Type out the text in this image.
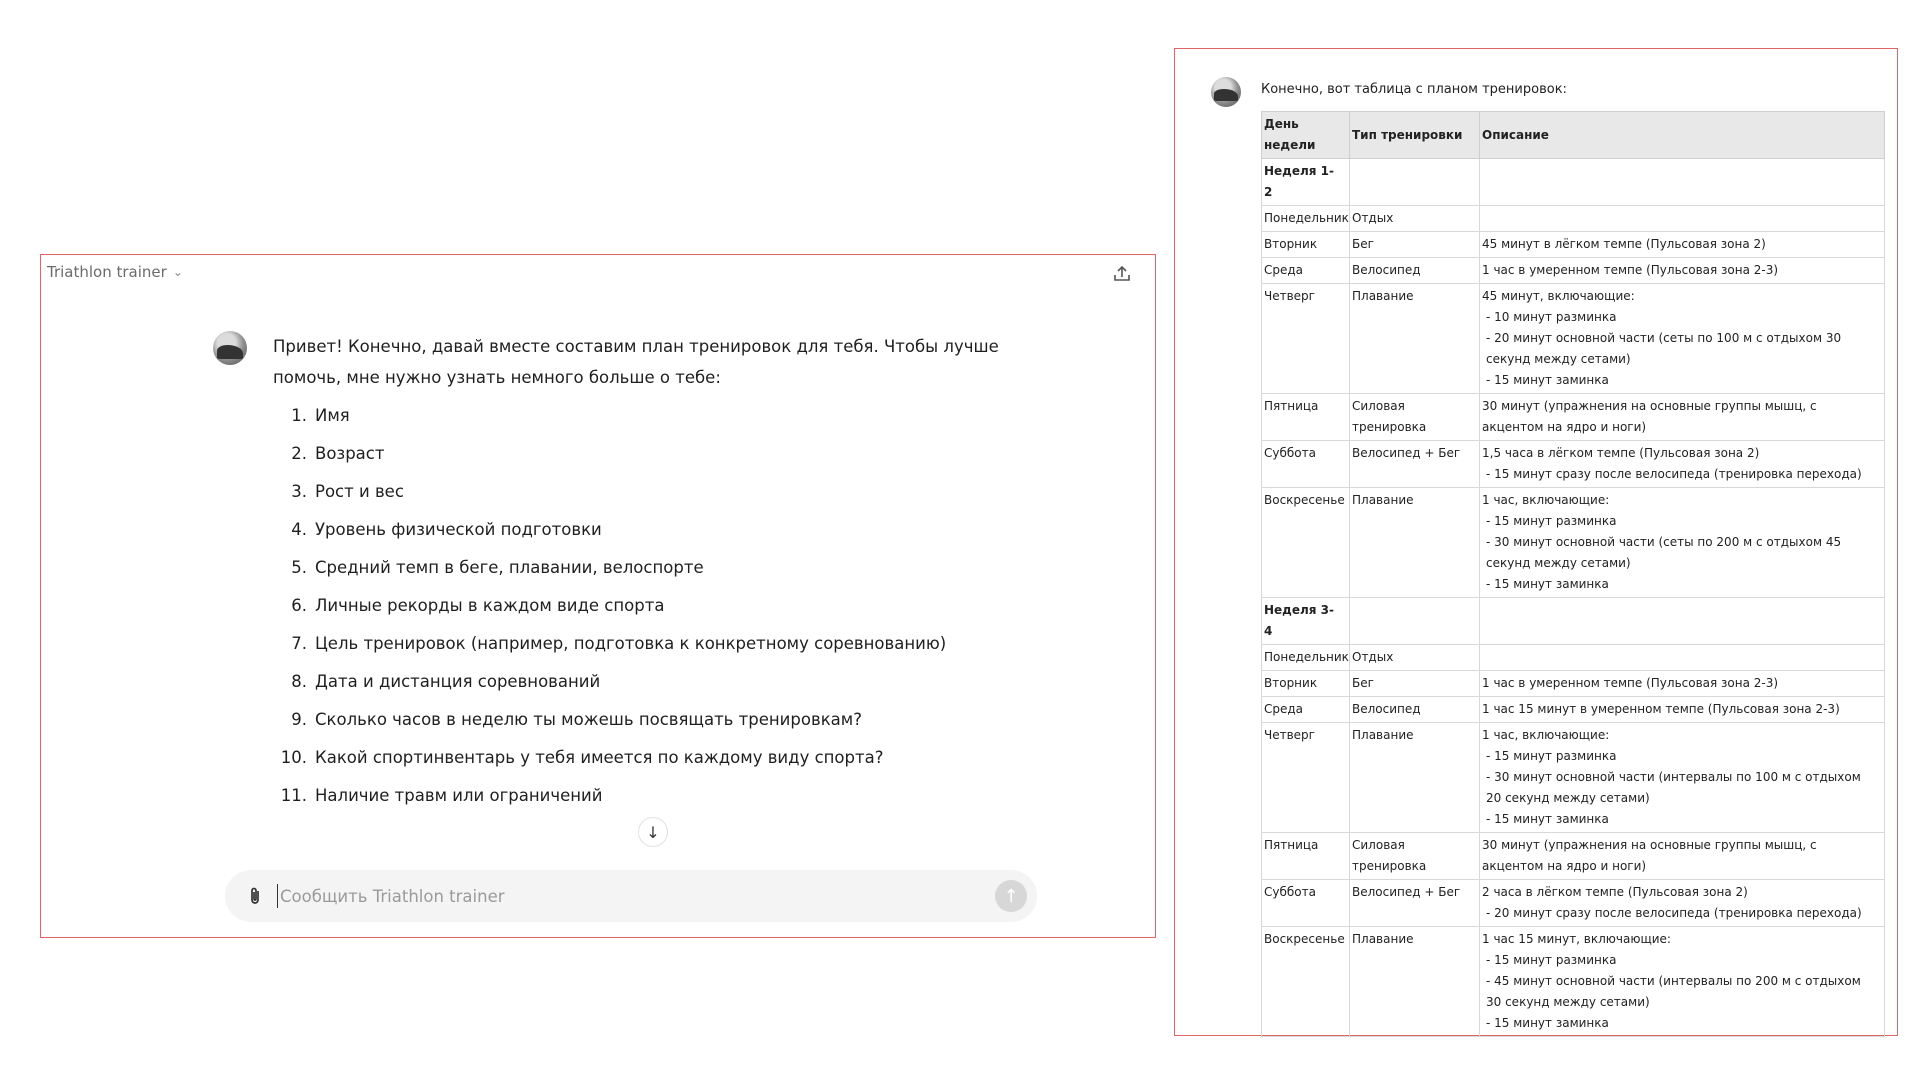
Triathlon trainer ⌄

Привет! Конечно, давай вместе составим план тренировок для тебя. Чтобы лучше помочь, мне нужно узнать немного больше о тебе:

1. Имя
2. Возраст
3. Рост и вес
4. Уровень физической подготовки
5. Средний темп в беге, плавании, велоспорте
6. Личные рекорды в каждом виде спорта
7. Цель тренировок (например, подготовка к конкретному соревнованию)
8. Дата и дистанция соревнований
9. Сколько часов в неделю ты можешь посвящать тренировкам?
10. Какой спортинвентарь у тебя имеется по каждому виду спорта?
11. Наличие травм или ограничений

↓
Сообщить Triathlon trainer
↑
Конечно, вот таблица с планом тренировок:
День недели	Тип тренировки	Описание
Неделя 1-2		
Понедельник	Отдых	
Вторник	Бег	45 минут в лёгком темпе (Пульсовая зона 2)

Среда	Велосипед	1 час в умеренном темпе (Пульсовая зона 2-3)

Четверг	Плавание	45 минут, включающие:
- 10 минут разминка
- 20 минут основной части (сеты по 100 м с отдыхом 30 секунд между сетами)
- 15 минут заминка

Пятница	Силовая тренировка	30 минут (упражнения на основные группы мышц, с акцентом на ядро и ноги)

Суббота	Велосипед + Бег	1,5 часа в лёгком темпе (Пульсовая зона 2)
- 15 минут сразу после велосипеда (тренировка перехода)

Воскресенье	Плавание	1 час, включающие:
- 15 минут разминка
- 30 минут основной части (сеты по 200 м с отдыхом 45 секунд между сетами)
- 15 минут заминка

Неделя 3-4		
Понедельник	Отдых	
Вторник	Бег	1 час в умеренном темпе (Пульсовая зона 2-3)

Среда	Велосипед	1 час 15 минут в умеренном темпе (Пульсовая зона 2-3)

Четверг	Плавание	1 час, включающие:
- 15 минут разминка
- 30 минут основной части (интервалы по 100 м с отдыхом 20 секунд между сетами)
- 15 минут заминка

Пятница	Силовая тренировка	30 минут (упражнения на основные группы мышц, с акцентом на ядро и ноги)

Суббота	Велосипед + Бег	2 часа в лёгком темпе (Пульсовая зона 2)
- 20 минут сразу после велосипеда (тренировка перехода)

Воскресенье	Плавание	1 час 15 минут, включающие:
- 15 минут разминка
- 45 минут основной части (интервалы по 200 м с отдыхом 30 секунд между сетами)
- 15 минут заминка
